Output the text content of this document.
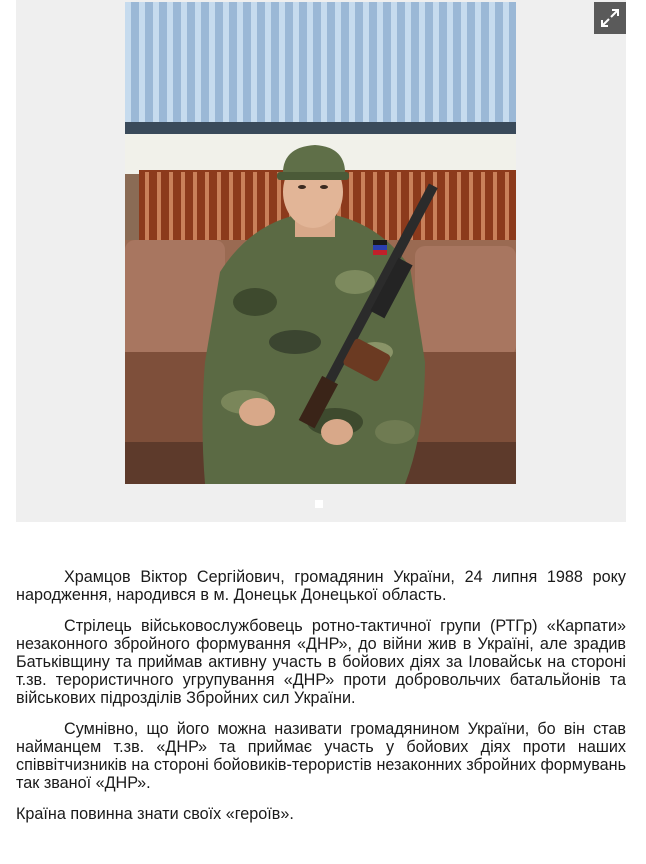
Храмцов Віктор Сергійович, громадянин України, 24 липня 1988 року народження, народився в м. Донецьк Донецької область.

Стрілець військовослужбовець ротно-тактичної групи (РТГр) «Карпати» незаконного збройного формування «ДНР», до війни жив в Україні, але зрадив Батьківщину та приймав активну участь в бойових діях за Іловайськ на стороні т.зв. терористичного угрупування «ДНР» проти добровольчих батальйонів та військових підрозділів Збройних сил України.

Сумнівно, що його можна називати громадянином України, бо він став найманцем т.зв. «ДНР» та приймає участь у бойових діях проти наших співвітчизників на стороні бойовиків-терористів незаконних збройних формувань так званої «ДНР».

Країна повинна знати своїх «героїв».
